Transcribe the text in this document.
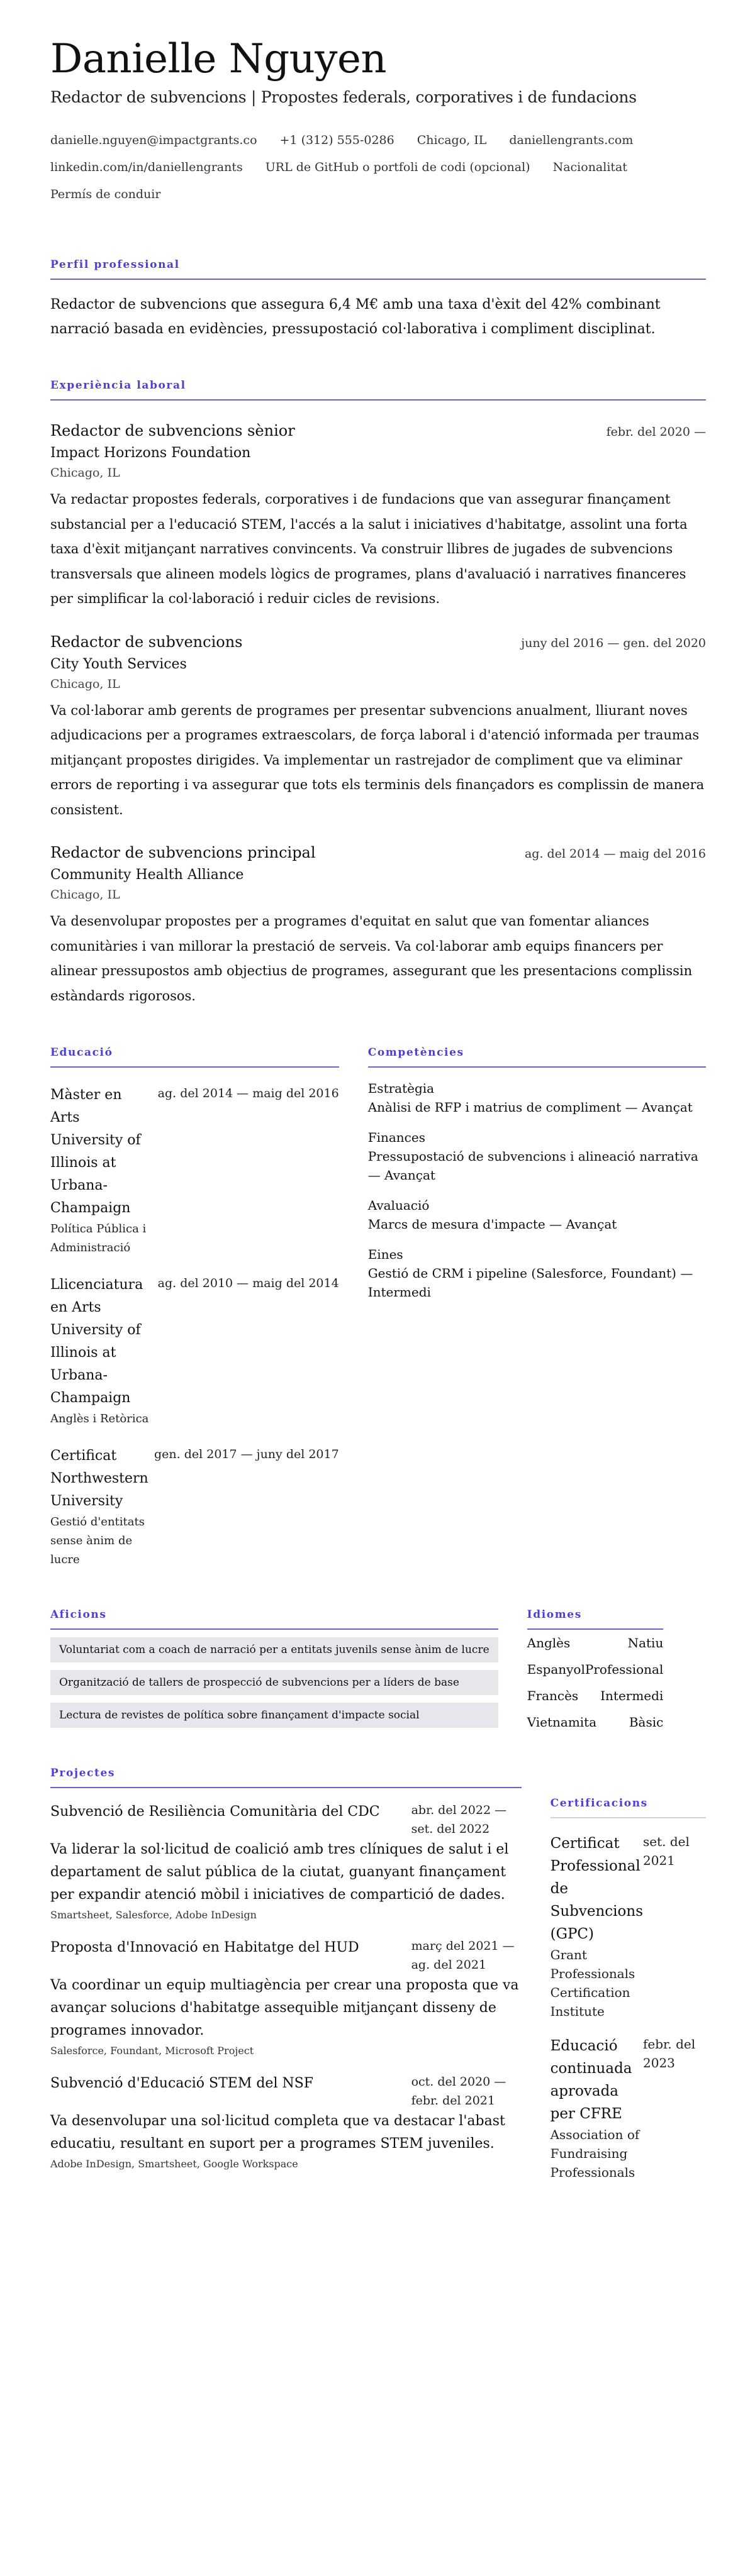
Danielle Nguyen
Redactor de subvencions | Propostes federals, corporatives i de fundacions
danielle.nguyen@impactgrants.co +1 (312) 555-0286 Chicago, IL daniellengrants.com
linkedin.com/in/daniellengrants URL de GitHub o portfoli de codi (opcional) Nacionalitat
Permís de conduir
Perfil professional

Redactor de subvencions que assegura 6,4 M€ amb una taxa d'èxit del 42% combinant narració basada en evidències, pressupostació col·laborativa i compliment disciplinat.

Experiència laboral
Redactor de subvencions sènior	febr. del 2020 —
Impact Horizons Foundation
Chicago, IL

Va redactar propostes federals, corporatives i de fundacions que van assegurar finançament substancial per a l'educació STEM, l'accés a la salut i iniciatives d'habitatge, assolint una forta taxa d'èxit mitjançant narratives convincents. Va construir llibres de jugades de subvencions transversals que alineen models lògics de programes, plans d'avaluació i narratives financeres per simplificar la col·laboració i reduir cicles de revisions.

Redactor de subvencions	juny del 2016 — gen. del 2020
City Youth Services
Chicago, IL

Va col·laborar amb gerents de programes per presentar subvencions anualment, lliurant noves adjudicacions per a programes extraescolars, de força laboral i d'atenció informada per traumas mitjançant propostes dirigides. Va implementar un rastrejador de compliment que va eliminar errors de reporting i va assegurar que tots els terminis dels finançadors es complissin de manera consistent.

Redactor de subvencions principal	ag. del 2014 — maig del 2016
Community Health Alliance
Chicago, IL

Va desenvolupar propostes per a programes d'equitat en salut que van fomentar aliances comunitàries i van millorar la prestació de serveis. Va col·laborar amb equips financers per alinear pressupostos amb objectius de programes, assegurant que les presentacions complissin estàndards rigorosos.

Educació
Màster en Arts
University of Illinois at Urbana-Champaign
Política Pública i Administració
ag. del 2014 — maig del 2016
Llicenciatura en Arts
University of Illinois at Urbana-Champaign
Anglès i Retòrica
ag. del 2010 — maig del 2014
Certificat
Northwestern University
Gestió d'entitats sense ànim de lucre
gen. del 2017 — juny del 2017
Competències
Estratègia
Anàlisi de RFP i matrius de compliment — Avançat
Finances
Pressupostació de subvencions i alineació narrativa — Avançat
Avaluació
Marcs de mesura d'impacte — Avançat
Eines
Gestió de CRM i pipeline (Salesforce, Foundant) — Intermedi
Aficions
Voluntariat com a coach de narració per a entitats juvenils sense ànim de lucre
Organització de tallers de prospecció de subvencions per a líders de base
Lectura de revistes de política sobre finançament d'impacte social
Idiomes
Anglès	Natiu
Espanyol Professional
Francès Intermedi
Vietnamita	Bàsic
Projectes
Subvenció de Resiliència Comunitària del CDC	abr. del 2022 — set. del 2022

Va liderar la sol·licitud de coalició amb tres clíniques de salut i el departament de salut pública de la ciutat, guanyant finançament per expandir atenció mòbil i iniciatives de compartició de dades.

Smartsheet, Salesforce, Adobe InDesign
Proposta d'Innovació en Habitatge del HUD	març del 2021 — ag. del 2021

Va coordinar un equip multiagència per crear una proposta que va avançar solucions d'habitatge assequible mitjançant disseny de programes innovador.

Salesforce, Foundant, Microsoft Project
Subvenció d'Educació STEM del NSF	oct. del 2020 — febr. del 2021

Va desenvolupar una sol·licitud completa que va destacar l'abast educatiu, resultant en suport per a programes STEM juveniles.

Adobe InDesign, Smartsheet, Google Workspace
Certificacions
Certificat Professional de Subvencions (GPC)
Grant Professionals Certification Institute
set. del 2021
Educació continuada aprovada per CFRE
Association of Fundraising Professionals
febr. del 2023
